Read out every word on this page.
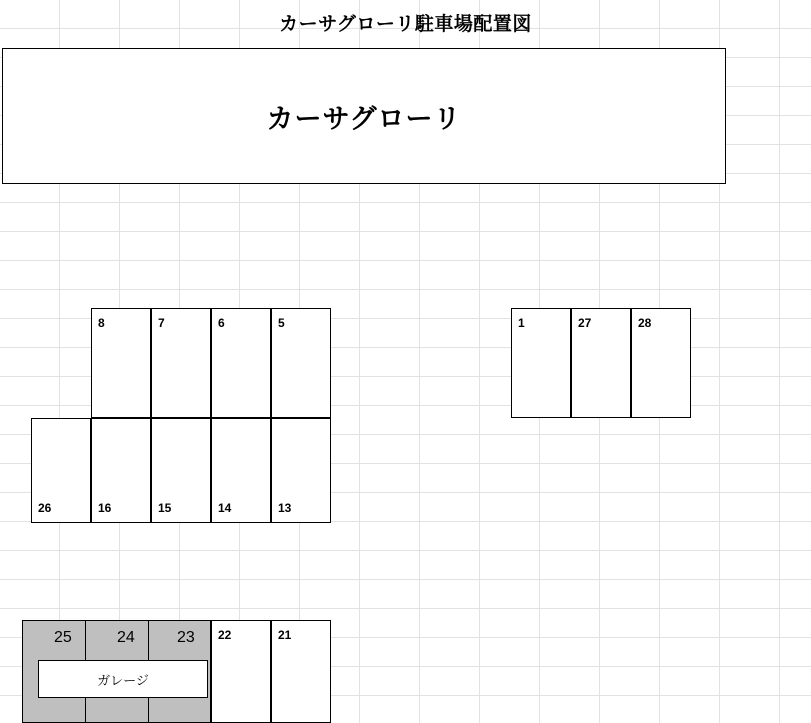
カーサグローリ駐車場配置図
カーサグローリ
1	27	28
8	7	6	5
26	16	15	14	13
25	24	23
ガレージ
22	21
